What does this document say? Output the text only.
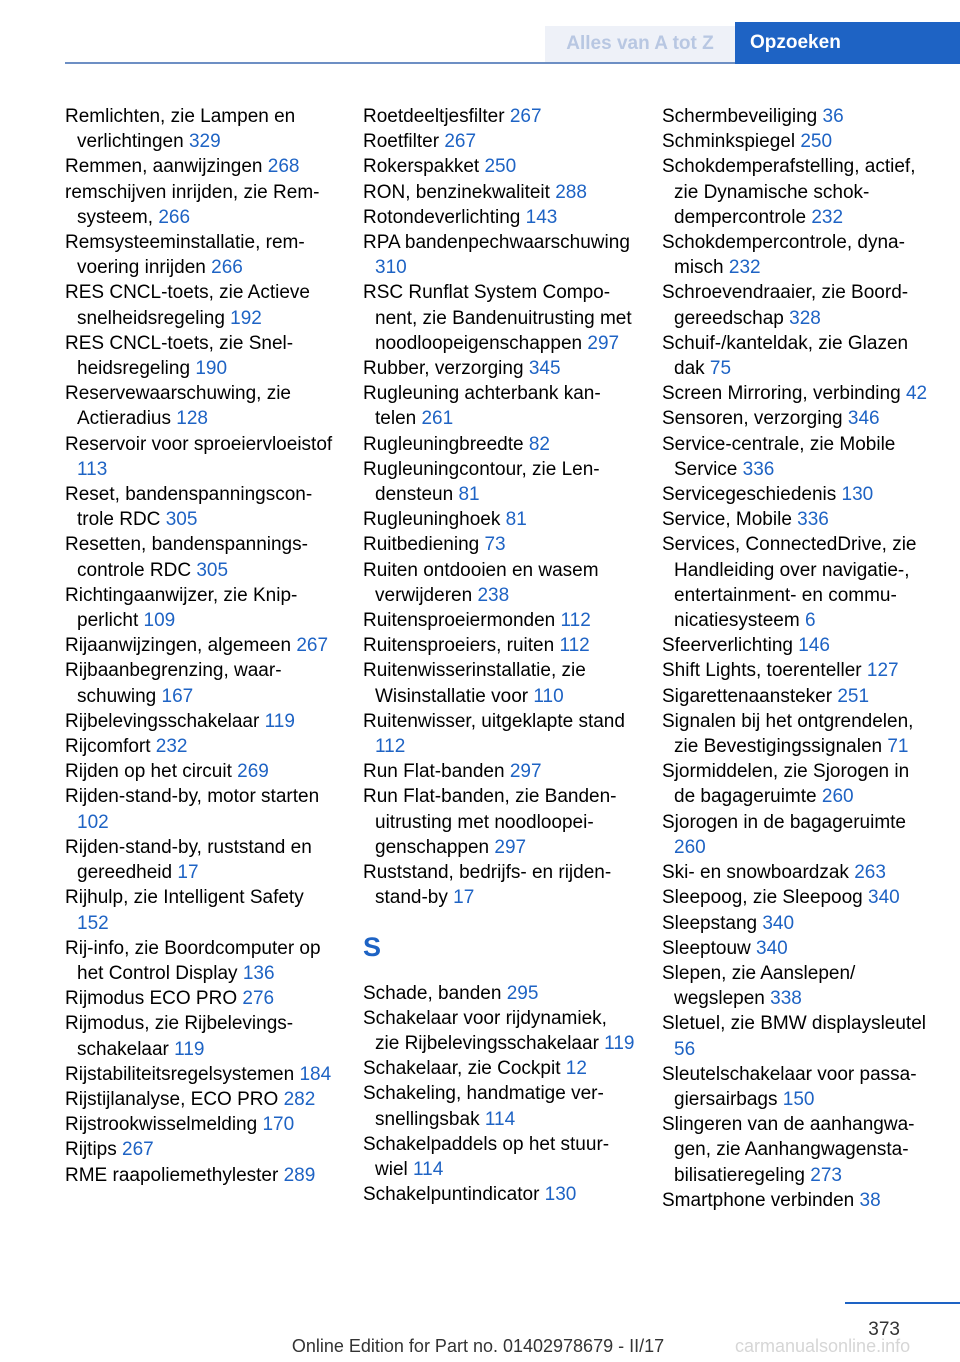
Alles van A tot Z	Opzoeken
Remlichten, zie Lampen en verlichtingen 329
Remmen, aanwijzingen 268
remschijven inrijden, zie Remsysteem, 266
Remsysteeminstallatie, remvoering inrijden 266
RES CNCL-toets, zie Actieve snelheidsregeling 192
RES CNCL-toets, zie Snelheidsregeling 190
Reservewaarschuwing, zie Actieradius 128
Reservoir voor sproeiervloeistof 113
Reset, bandenspanningscontrole RDC 305
Resetten, bandenspanningscontrole RDC 305
Richtingaanwijzer, zie Knipperlicht 109
Rijaanwijzingen, algemeen 267
Rijbaanbegrenzing, waarschuwing 167
Rijbelevingsschakelaar 119
Rijcomfort 232
Rijden op het circuit 269
Rijden-stand-by, motor starten 102
Rijden-stand-by, ruststand en gereedheid 17
Rijhulp, zie Intelligent Safety 152
Rij-info, zie Boordcomputer op het Control Display 136
Rijmodus ECO PRO 276
Rijmodus, zie Rijbelevingsschakelaar 119
Rijstabiliteitsregelsystemen 184
Rijstijlanalyse, ECO PRO 282
Rijstrookwisselmelding 170
Rijtips 267
RME raapoliemethylester 289
Roetdeeltjesfilter 267
Roetfilter 267
Rokerspakket 250
RON, benzinekwaliteit 288
Rotondeverlichting 143
RPA bandenpechwaarschuwing 310
RSC Runflat System Component, zie Bandenuitrusting met noodloopeigenschappen 297
Rubber, verzorging 345
Rugleuning achterbank kantelen 261
Rugleuningbreedte 82
Rugleuningcontour, zie Lendensteun 81
Rugleuninghoek 81
Ruitbediening 73
Ruiten ontdooien en wasem verwijderen 238
Ruitensproeiermonden 112
Ruitensproeiers, ruiten 112
Ruitenwisserinstallatie, zie Wisinstallatie voor 110
Ruitenwisser, uitgeklapte stand 112
Run Flat-banden 297
Run Flat-banden, zie Bandenuitrusting met noodloopeigenschappen 297
Ruststand, bedrijfs- en rijdenstand-by 17
S
Schade, banden 295
Schakelaar voor rijdynamiek, zie Rijbelevingsschakelaar 119
Schakelaar, zie Cockpit 12
Schakeling, handmatige versnellingsbak 114
Schakelpaddels op het stuurwiel 114
Schakelpuntindicator 130
Schermbeveiliging 36
Schminkspiegel 250
Schokdemperafstelling, actief, zie Dynamische schokdempercontrole 232
Schokdempercontrole, dynamisch 232
Schroevendraaier, zie Boordgereedschap 328
Schuif-/kanteldak, zie Glazen dak 75
Screen Mirroring, verbinding 42
Sensoren, verzorging 346
Service-centrale, zie Mobile Service 336
Servicegeschiedenis 130
Service, Mobile 336
Services, ConnectedDrive, zie Handleiding over navigatie-, entertainment- en communicatiesysteem 6
Sfeerverlichting 146
Shift Lights, toerenteller 127
Sigarettenaansteker 251
Signalen bij het ontgrendelen, zie Bevestigingssignalen 71
Sjormiddelen, zie Sjorogen in de bagageruimte 260
Sjorogen in de bagageruimte 260
Ski- en snowboardzak 263
Sleepoog, zie Sleepoog 340
Sleepstang 340
Sleeptouw 340
Slepen, zie Aanslepen/ wegslepen 338
Sletuel, zie BMW displaysleutel 56
Sleutelschakelaar voor passagiersairbags 150
Slingeren van de aanhangwagen, zie Aanhangwagenstabilisatieregeling 273
Smartphone verbinden 38
373
Online Edition for Part no. 01402978679 - II/17	carmanualsonline.info
